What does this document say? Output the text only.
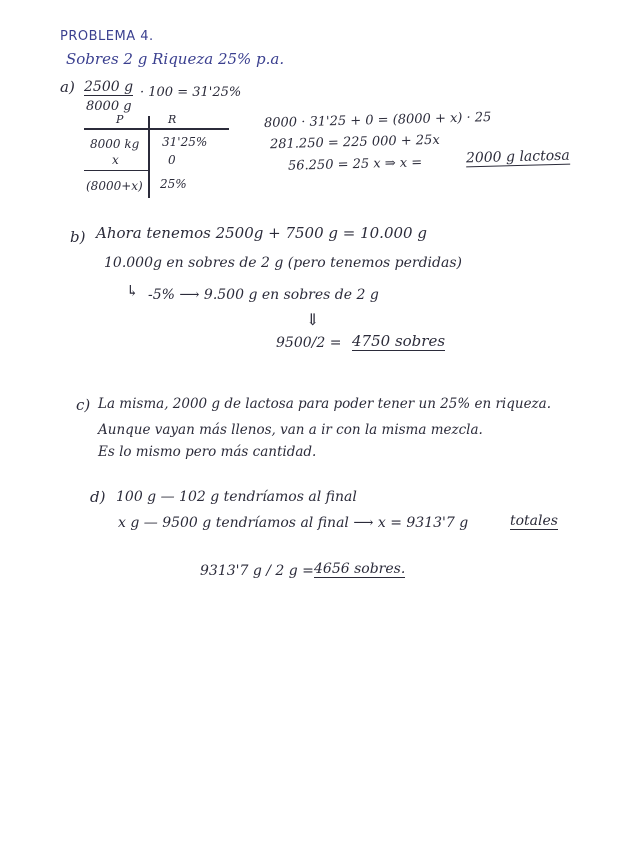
PROBLEMA 4.
Sobres 2 g Riqueza 25% p.a.
a) 2500 g · 100 = 31'25%
8000 g
P	R
8000 kg 31'25%
x	0
(8000+x) 25%
8000 · 31'25 + 0 = (8000 + x) · 25
281.250 = 225 000 + 25x
56.250 = 25 x ⇒ x =	2000 g lactosa
b) Ahora tenemos 2500g + 7500 g = 10.000 g
10.000g en sobres de 2 g (pero tenemos perdidas)
↳ -5% ⟶ 9.500 g en sobres de 2 g
⇓
9500/2 = 4750 sobres
c) La misma, 2000 g de lactosa para poder tener un 25% en riqueza.
Aunque vayan más llenos, van a ir con la misma mezcla.
Es lo mismo pero más cantidad.
d) 100 g — 102 g tendríamos al final
x g — 9500 g tendríamos al final ⟶ x = 9313'7 g	totales
9313'7 g / 2 g = 4656 sobres.
